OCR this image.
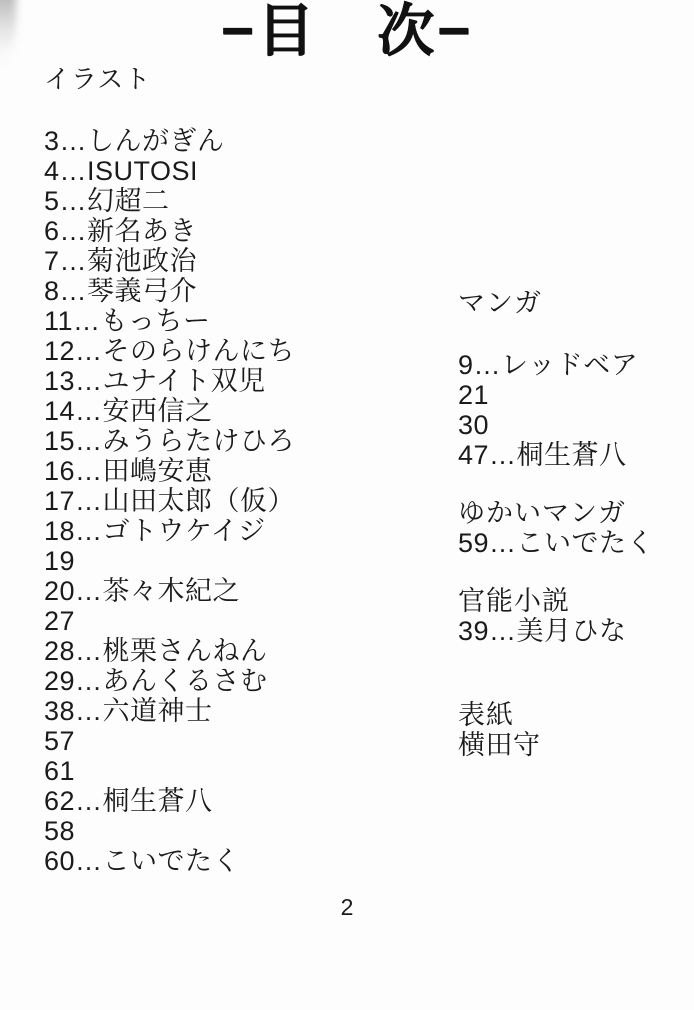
−目　次−
イラスト
3…しんがぎん
4…ISUTOSI
5…幻超二
6…新名あき
7…菊池政治
8…琴義弓介
11…もっちー
12…そのらけんにち
13…ユナイト双児
14…安西信之
15…みうらたけひろ
16…田嶋安恵
17…山田太郎（仮）
18…ゴトウケイジ
19
20…茶々木紀之
27
28…桃栗さんねん
29…あんくるさむ
38…六道神士
57
61
62…桐生蒼八
58
60…こいでたく
マンガ
9…レッドベア
21
30
47…桐生蒼八
ゆかいマンガ
59…こいでたく
官能小説
39…美月ひな
表紙
横田守
2
